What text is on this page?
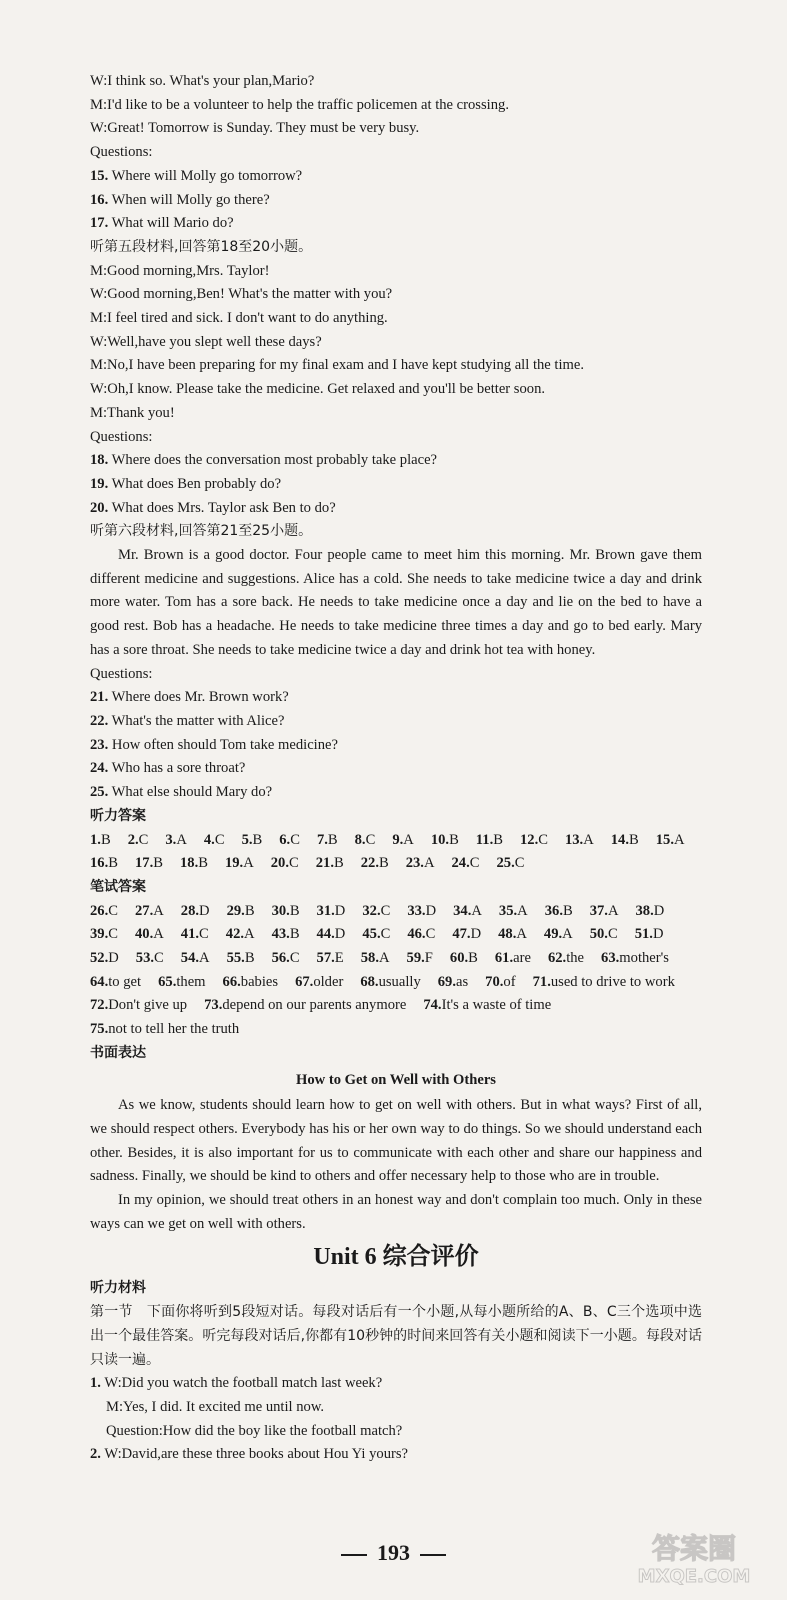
W:I think so. What's your plan,Mario?
M:I'd like to be a volunteer to help the traffic policemen at the crossing.
W:Great! Tomorrow is Sunday. They must be very busy.
Questions:
15. Where will Molly go tomorrow?
16. When will Molly go there?
17. What will Mario do?
听第五段材料,回答第18至20小题。
M:Good morning,Mrs. Taylor!
W:Good morning,Ben! What's the matter with you?
M:I feel tired and sick. I don't want to do anything.
W:Well,have you slept well these days?
M:No,I have been preparing for my final exam and I have kept studying all the time.
W:Oh,I know. Please take the medicine. Get relaxed and you'll be better soon.
M:Thank you!
Questions:
18. Where does the conversation most probably take place?
19. What does Ben probably do?
20. What does Mrs. Taylor ask Ben to do?
听第六段材料,回答第21至25小题。
Mr. Brown is a good doctor. Four people came to meet him this morning. Mr. Brown gave them different medicine and suggestions. Alice has a cold. She needs to take medicine twice a day and drink more water. Tom has a sore back. He needs to take medicine once a day and lie on the bed to have a good rest. Bob has a headache. He needs to take medicine three times a day and go to bed early. Mary has a sore throat. She needs to take medicine twice a day and drink hot tea with honey.
Questions:
21. Where does Mr. Brown work?
22. What's the matter with Alice?
23. How often should Tom take medicine?
24. Who has a sore throat?
25. What else should Mary do?
听力答案
1.B 2.C 3.A 4.C 5.B 6.C 7.B 8.C 9.A 10.B 11.B 12.C 13.A 14.B 15.A
16.B 17.B 18.B 19.A 20.C 21.B 22.B 23.A 24.C 25.C
笔试答案
26.C 27.A 28.D 29.B 30.B 31.D 32.C 33.D 34.A 35.A 36.B 37.A 38.D
39.C 40.A 41.C 42.A 43.B 44.D 45.C 46.C 47.D 48.A 49.A 50.C 51.D
52.D 53.C 54.A 55.B 56.C 57.E 58.A 59.F 60.B 61.are 62.the 63.mother's
64.to get 65.them 66.babies 67.older 68.usually 69.as 70.of 71.used to drive to work
72.Don't give up 73.depend on our parents anymore 74.It's a waste of time
75.not to tell her the truth
书面表达
How to Get on Well with Others
As we know, students should learn how to get on well with others. But in what ways? First of all, we should respect others. Everybody has his or her own way to do things. So we should understand each other. Besides, it is also important for us to communicate with each other and share our happiness and sadness. Finally, we should be kind to others and offer necessary help to those who are in trouble.
In my opinion, we should treat others in an honest way and don't complain too much. Only in these ways can we get on well with others.
Unit 6 综合评价
听力材料
第一节　下面你将听到5段短对话。每段对话后有一个小题,从每小题所给的A、B、C三个选项中选出一个最佳答案。听完每段对话后,你都有10秒钟的时间来回答有关小题和阅读下一小题。每段对话只读一遍。
1. W:Did you watch the football match last week?
M:Yes, I did. It excited me until now.
Question:How did the boy like the football match?
2. W:David,are these three books about Hou Yi yours?
193	答案圈
MXQE.COM
